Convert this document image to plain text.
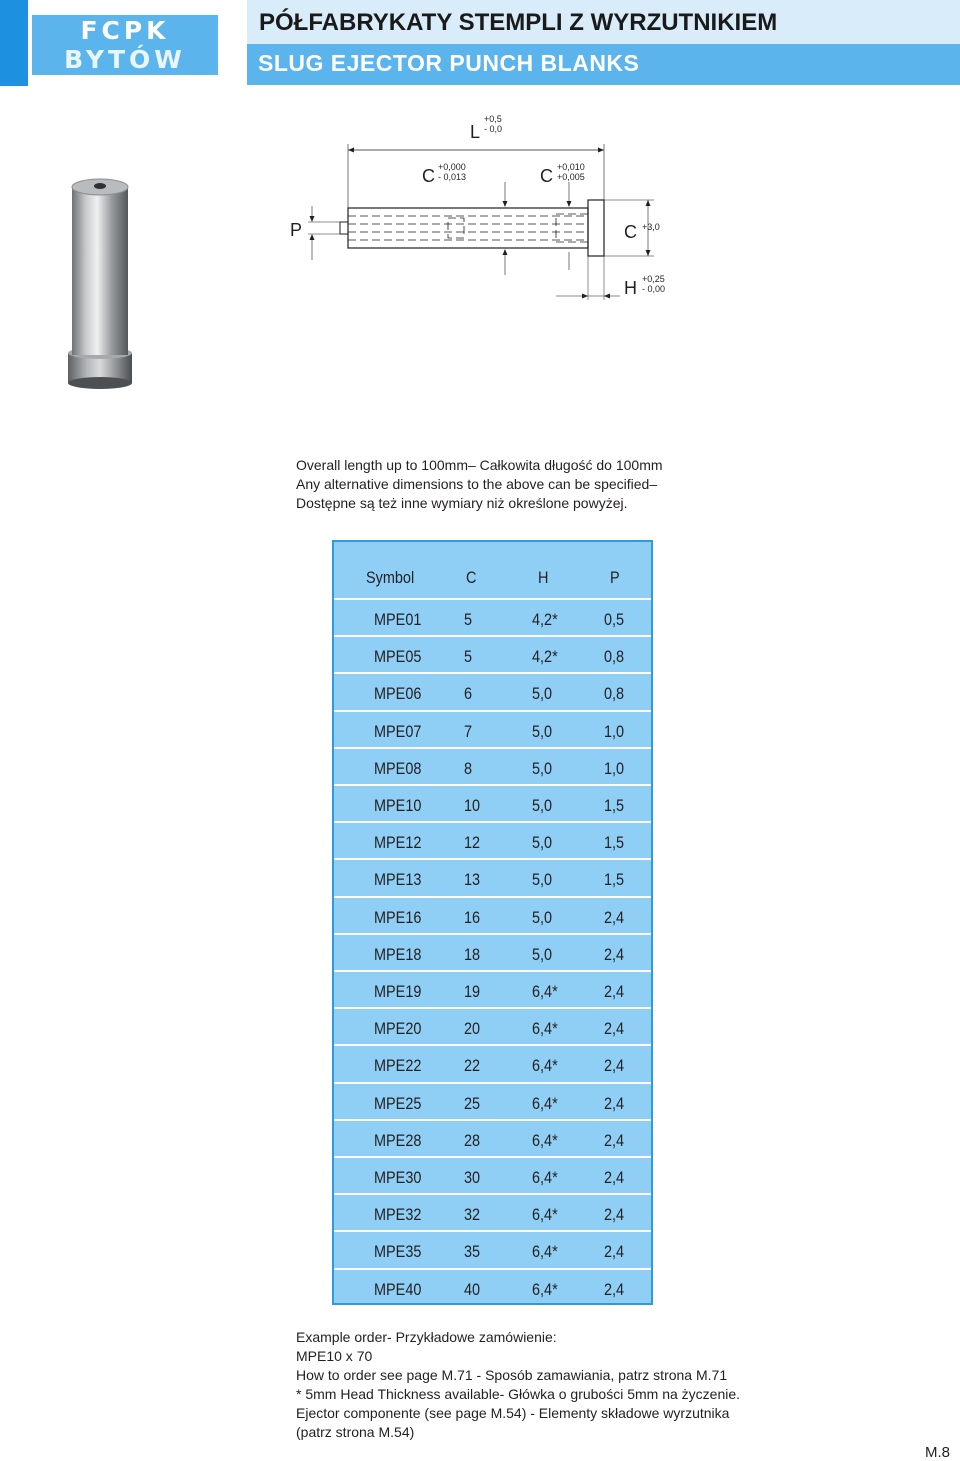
FCPK
BYTÓW
PÓŁFABRYKATY STEMPLI Z WYRZUTNIKIEM
SLUG EJECTOR PUNCH BLANKS
L
+0,5
- 0,0
C +0,000
- 0,013	C +0,010
+0,005
P	C +3,0
H +0,25
- 0,00
Overall length up to 100mm– Całkowita długość do 100mm
Any alternative dimensions to the above can be specified–
Dostępne są też inne wymiary niż określone powyżej.
Symbol	C	H	P
MPE01	5	4,2*	0,5
MPE05	5	4,2*	0,8
MPE06	6	5,0	0,8
MPE07	7	5,0	1,0
MPE08	8	5,0	1,0
MPE10	10	5,0	1,5
MPE12	12	5,0	1,5
MPE13	13	5,0	1,5
MPE16	16	5,0	2,4
MPE18	18	5,0	2,4
MPE19	19	6,4*	2,4
MPE20	20	6,4*	2,4
MPE22	22	6,4*	2,4
MPE25	25	6,4*	2,4
MPE28	28	6,4*	2,4
MPE30	30	6,4*	2,4
MPE32	32	6,4*	2,4
MPE35	35	6,4*	2,4
MPE40	40	6,4*	2,4
Example order- Przykładowe zamówienie:
MPE10 x 70
How to order see page M.71 - Sposób zamawiania, patrz strona M.71
* 5mm Head Thickness available- Główka o grubości 5mm na życzenie.
Ejector componente (see page M.54) - Elementy składowe wyrzutnika
(patrz strona M.54)
M.8
